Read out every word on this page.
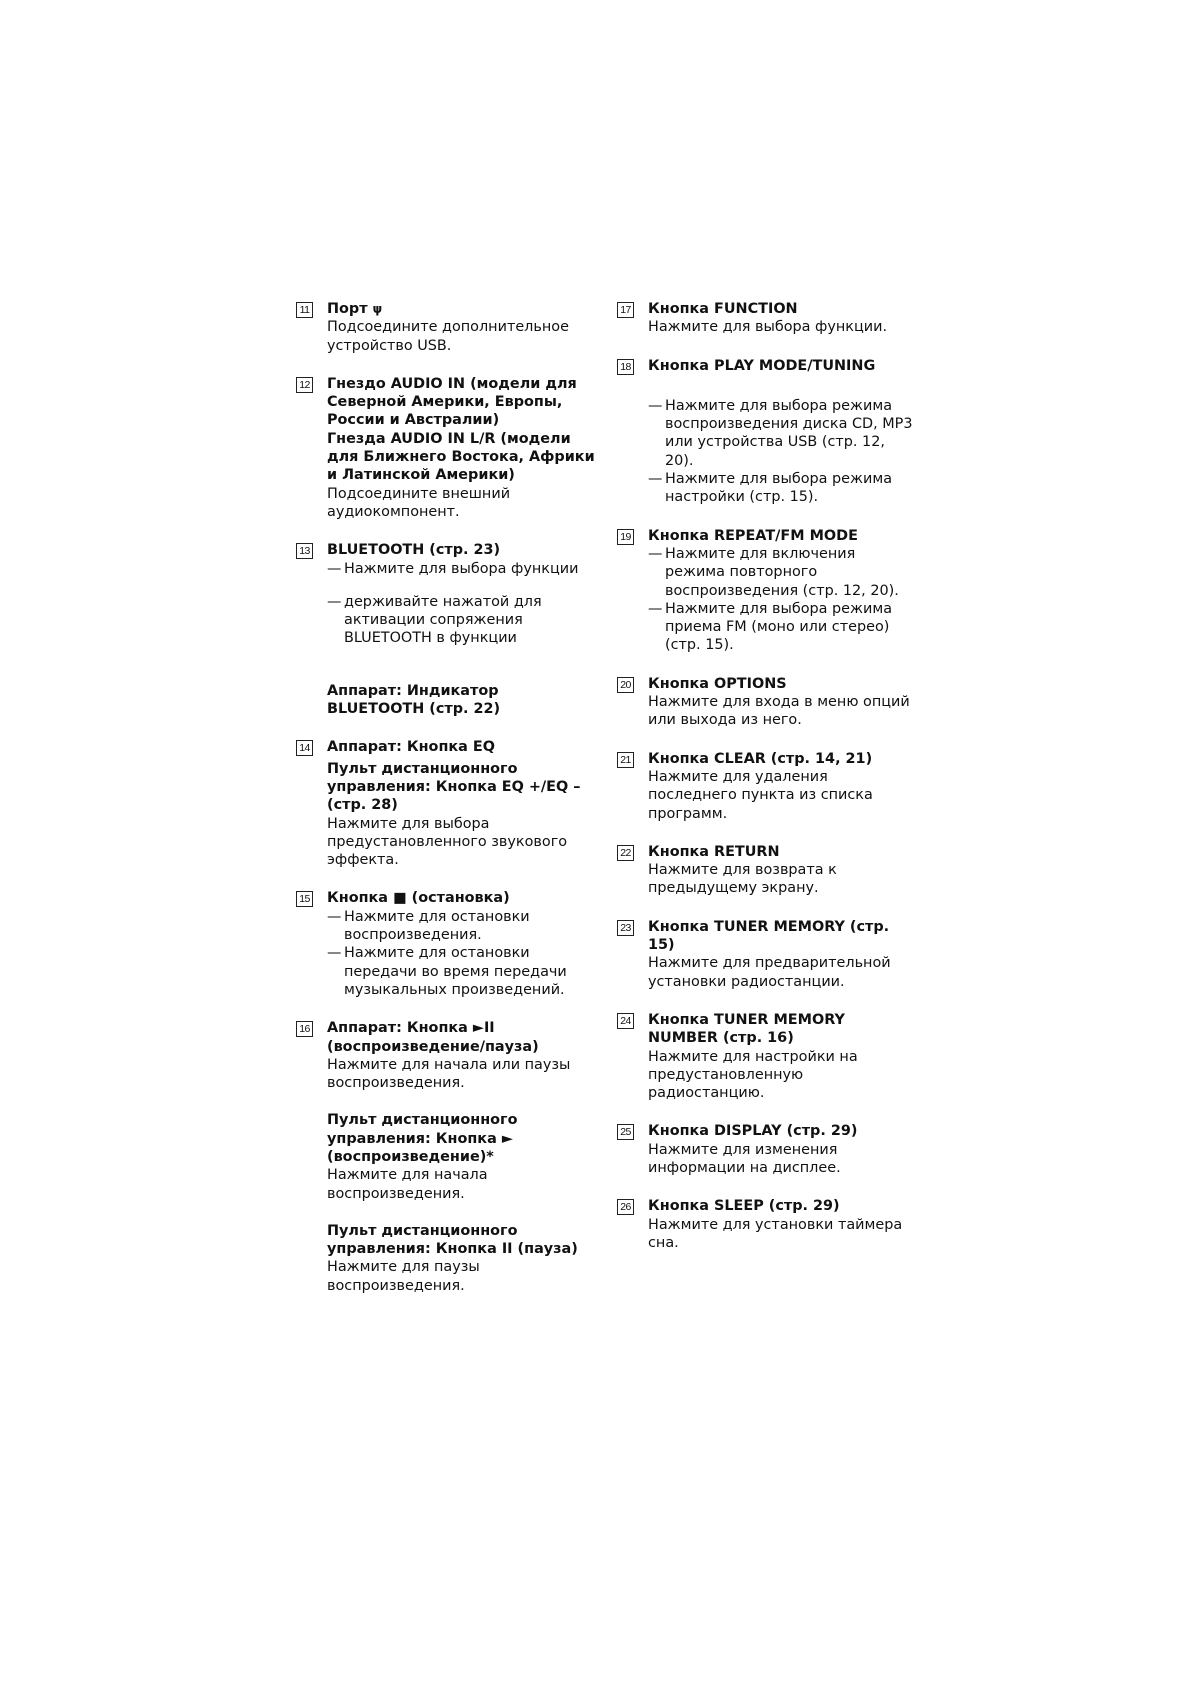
11 Порт ψ
Подсоедините дополнительное устройство USB.
12 Гнездо AUDIO IN (модели для Северной Америки, Европы, России и Австралии)
Гнезда AUDIO IN L/R (модели для Ближнего Востока, Африки и Латинской Америки)
Подсоедините внешний аудиокомпонент.
13 BLUETOOTH (стр. 23)
— Нажмите для выбора функции
— держивайте нажатой для активации сопряжения BLUETOOTH в функции
Аппарат: Индикатор BLUETOOTH (стр. 22)
14 Аппарат: Кнопка EQ
Пульт дистанционного управления: Кнопка EQ +/EQ – (стр. 28)
Нажмите для выбора предустановленного звукового эффекта.
15 Кнопка ■ (остановка)
— Нажмите для остановки воспроизведения.
— Нажмите для остановки передачи во время передачи музыкальных произведений.
16 Аппарат: Кнопка ►II (воспроизведение/пауза)
Нажмите для начала или паузы воспроизведения.
Пульт дистанционного управления: Кнопка ► (воспроизведение)*
Нажмите для начала воспроизведения.
Пульт дистанционного управления: Кнопка II (пауза)
Нажмите для паузы воспроизведения.
17 Кнопка FUNCTION
Нажмите для выбора функции.
18 Кнопка PLAY MODE/TUNING
— Нажмите для выбора режима воспроизведения диска CD, MP3 или устройства USB (стр. 12, 20).
— Нажмите для выбора режима настройки (стр. 15).
19 Кнопка REPEAT/FM MODE
— Нажмите для включения режима повторного воспроизведения (стр. 12, 20).
— Нажмите для выбора режима приема FM (моно или стерео) (стр. 15).
20 Кнопка OPTIONS
Нажмите для входа в меню опций или выхода из него.
21 Кнопка CLEAR (стр. 14, 21)
Нажмите для удаления последнего пункта из списка программ.
22 Кнопка RETURN
Нажмите для возврата к предыдущему экрану.
23 Кнопка TUNER MEMORY (стр. 15)
Нажмите для предварительной установки радиостанции.
24 Кнопка TUNER MEMORY NUMBER (стр. 16)
Нажмите для настройки на предустановленную радиостанцию.
25 Кнопка DISPLAY (стр. 29)
Нажмите для изменения информации на дисплее.
26 Кнопка SLEEP (стр. 29)
Нажмите для установки таймера сна.
